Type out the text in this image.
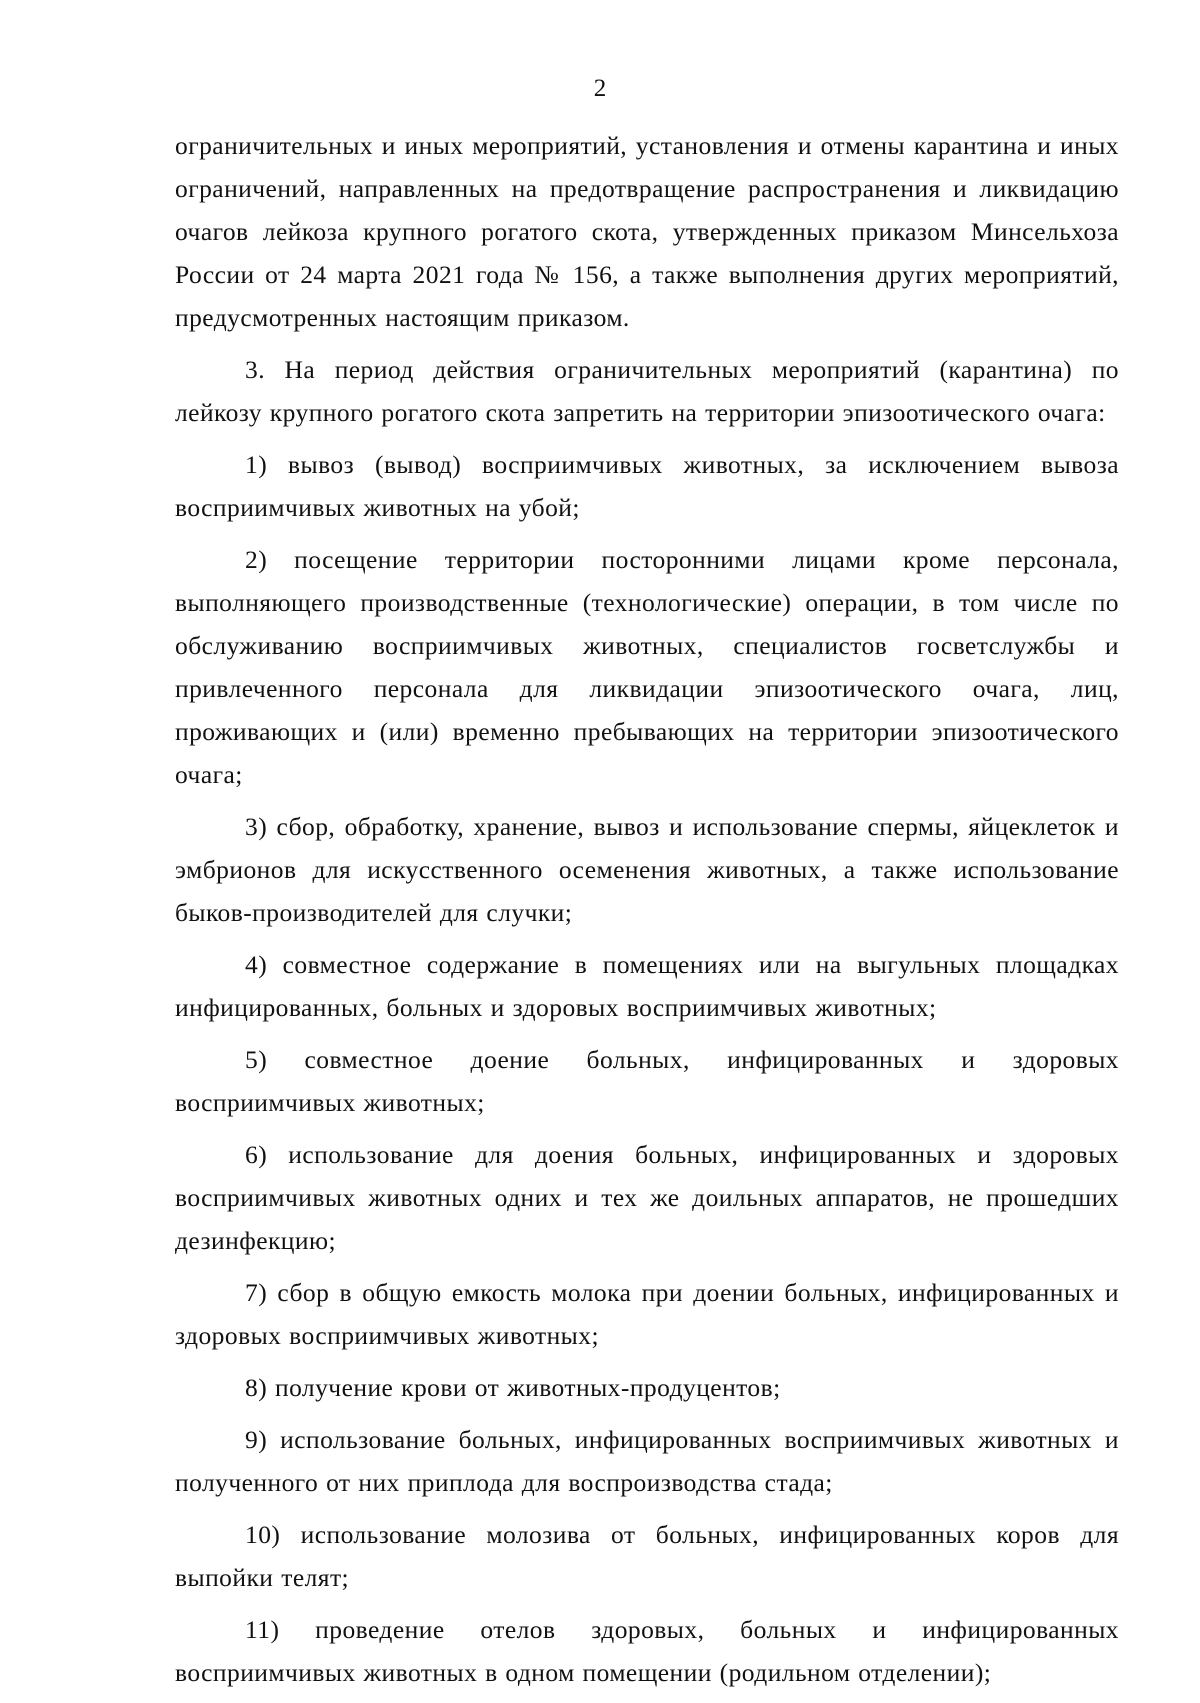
2

ограничительных и иных мероприятий, установления и отмены карантина и иных ограничений, направленных на предотвращение распространения и ликвидацию очагов лейкоза крупного рогатого скота, утвержденных приказом Минсельхоза России от 24 марта 2021 года № 156, а также выполнения других мероприятий, предусмотренных настоящим приказом.

3. На период действия ограничительных мероприятий (карантина) по лейкозу крупного рогатого скота запретить на территории эпизоотического очага:

1) вывоз (вывод) восприимчивых животных, за исключением вывоза восприимчивых животных на убой;

2) посещение территории посторонними лицами кроме персонала, выполняющего производственные (технологические) операции, в том числе по обслуживанию восприимчивых животных, специалистов госветслужбы и привлеченного персонала для ликвидации эпизоотического очага, лиц, проживающих и (или) временно пребывающих на территории эпизоотического очага;

3) сбор, обработку, хранение, вывоз и использование спермы, яйцеклеток и эмбрионов для искусственного осеменения животных, а также использование быков-производителей для случки;

4) совместное содержание в помещениях или на выгульных площадках инфицированных, больных и здоровых восприимчивых животных;

5) совместное доение больных, инфицированных и здоровых восприимчивых животных;

6) использование для доения больных, инфицированных и здоровых восприимчивых животных одних и тех же доильных аппаратов, не прошедших дезинфекцию;

7) сбор в общую емкость молока при доении больных, инфицированных и здоровых восприимчивых животных;

8) получение крови от животных-продуцентов;

9) использование больных, инфицированных восприимчивых животных и полученного от них приплода для воспроизводства стада;

10) использование молозива от больных, инфицированных коров для выпойки телят;

11) проведение отелов здоровых, больных и инфицированных восприимчивых животных в одном помещении (родильном отделении);
